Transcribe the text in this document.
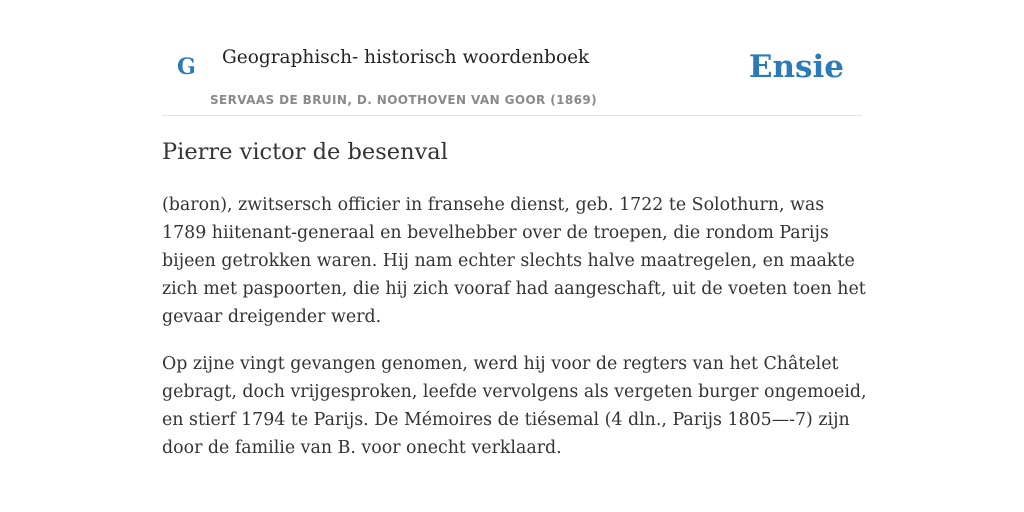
G Geographisch- historisch woordenboek
SERVAAS DE BRUIN, D. NOOTHOVEN VAN GOOR (1869)
Ensie
Pierre victor de besenval

(baron), zwitsersch officier in fransehe dienst, geb. 1722 te Solothurn, was 1789 hiitenant-generaal en bevelhebber over de troepen, die rondom Parijs bijeen getrokken waren. Hij nam echter slechts halve maatregelen, en maakte zich met paspoorten, die hij zich vooraf had aangeschaft, uit de voeten toen het gevaar dreigender werd.

Op zijne vingt gevangen genomen, werd hij voor de regters van het Châtelet gebragt, doch vrijgesproken, leefde vervolgens als vergeten burger ongemoeid, en stierf 1794 te Parijs. De Mémoires de tiésemal (4 dln., Parijs 1805—-7) zijn door de familie van B. voor onecht verklaard.
